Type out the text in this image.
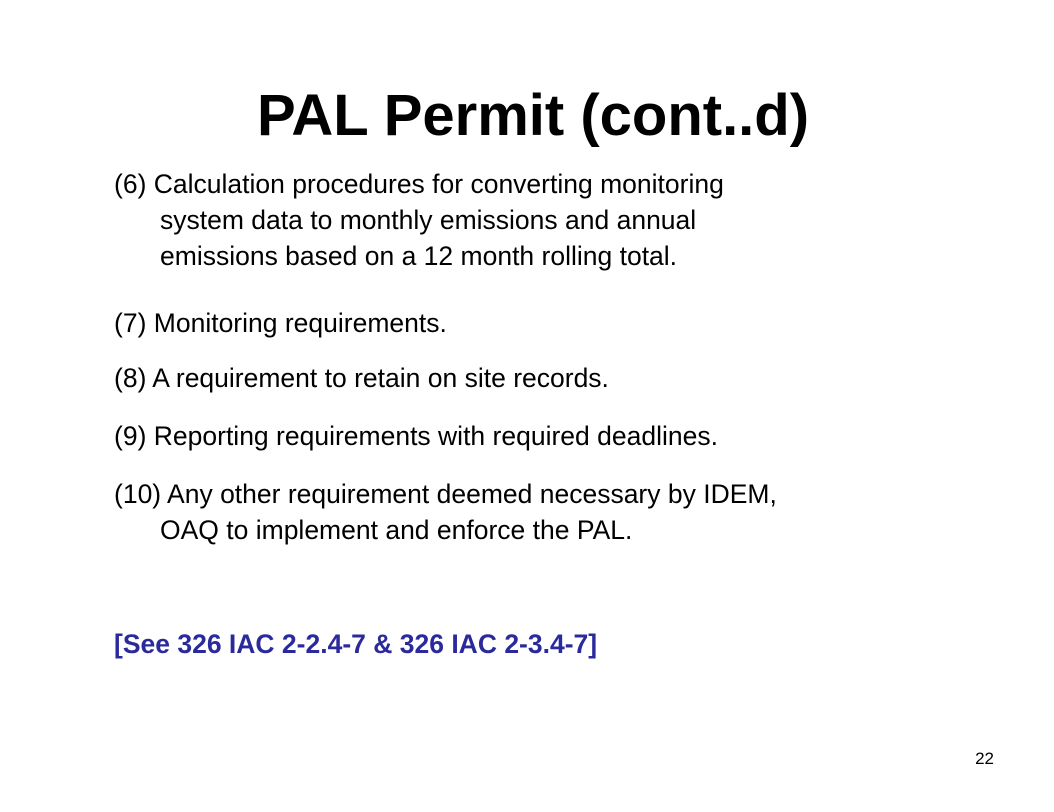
PAL Permit (cont..d)
(6) Calculation procedures for converting monitoring
system data to monthly emissions and annual
emissions based on a 12 month rolling total.
(7) Monitoring requirements.
(8) A requirement to retain on site records.
(9) Reporting requirements with required deadlines.
(10) Any other requirement deemed necessary by IDEM,
OAQ to implement and enforce the PAL.
[See 326 IAC 2-2.4-7 & 326 IAC 2-3.4-7]
22
